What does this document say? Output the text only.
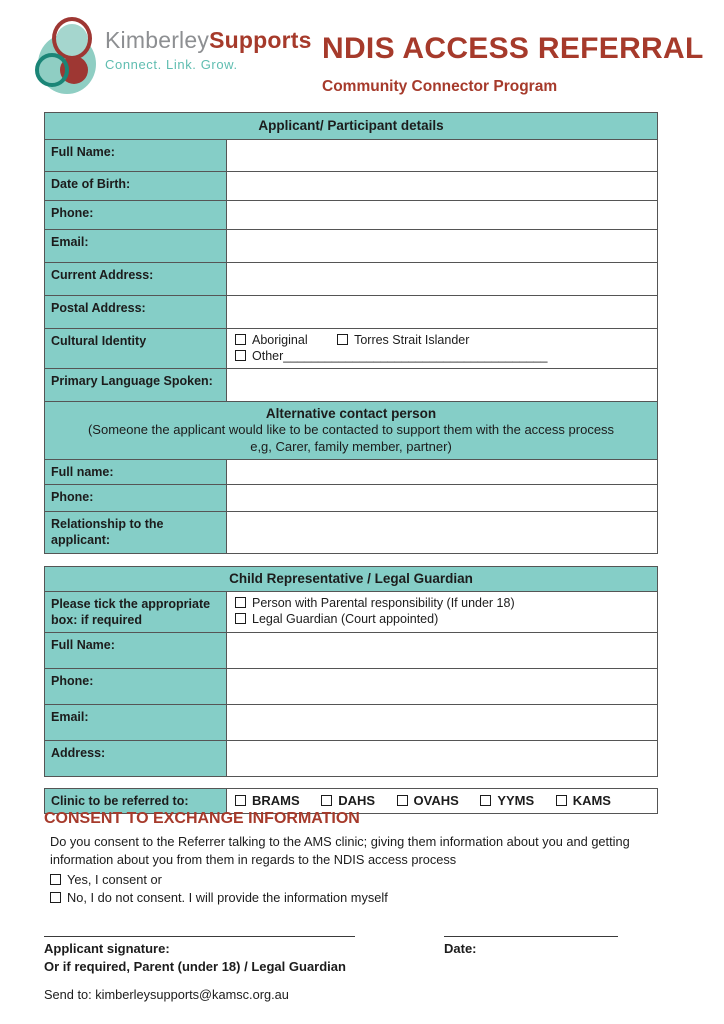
KimberleySupports
Connect. Link. Grow.	NDIS ACCESS REFERRAL
Community Connector Program
Applicant/ Participant details	
Full Name:	
Date of Birth:	
Phone:	
Email:	
Current Address:	
Postal Address:	
Cultural Identity	Aboriginal Torres Strait Islander
Other______________________________________

Primary Language Spoken:	

Alternative contact person
(Someone the applicant would like to be contacted to support them with the access process
e,g, Carer, family member, partner)	

Full name:	
Phone:	
Relationship to the applicant:	
Child Representative / Legal Guardian	
Please tick the appropriate box: if required	Person with Parental responsibility (If under 18)
Legal Guardian (Court appointed)

Full Name:	
Phone:	
Email:	
Address:	
Clinic to be referred to:	BRAMS	DAHS	OVAHS	YYMS	KAMS
CONSENT TO EXCHANGE INFORMATION
Do you consent to the Referrer talking to the AMS clinic; giving them information about you and getting
information about you from them in regards to the NDIS access process
Yes, I consent or
No, I do not consent. I will provide the information myself
Applicant signature:
Or if required, Parent (under 18) / Legal Guardian
Date:
Send to: kimberleysupports@kamsc.org.au
